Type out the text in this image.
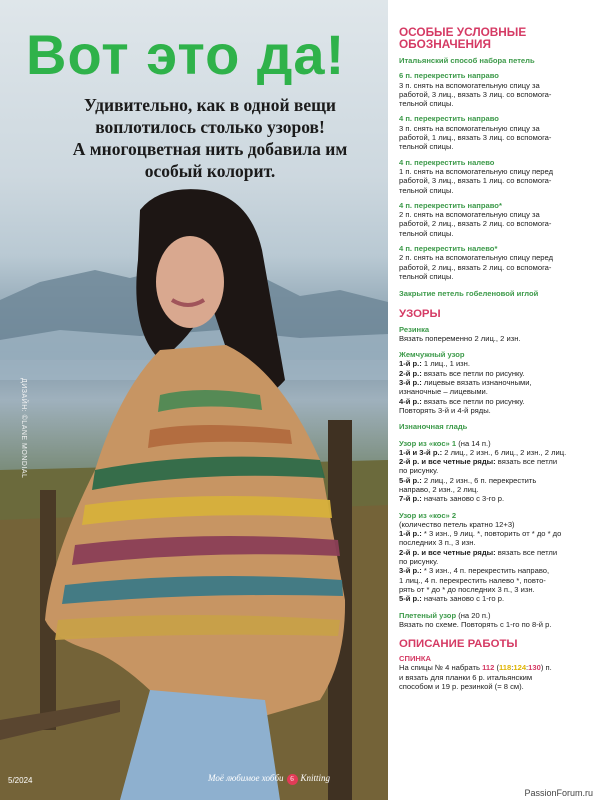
Вот это да!
Удивительно, как в одной вещи
воплотилось столько узоров!
А многоцветная нить добавила им
особый колорит.
ДИЗАЙН: ©LANE MONDIAL
5/2024	Моё любимое хобби 6 Knitting
PassionForum.ru
ОСОБЫЕ УСЛОВНЫЕ
ОБОЗНАЧЕНИЯ
Итальянский способ набора петель
6 п. перекрестить направо

3 п. снять на вспомогательную спицу за

работой, 3 лиц., вязать 3 лиц. со вспомога-

тельной спицы.

4 п. перекрестить направо

3 п. снять на вспомогательную спицу за

работой, 1 лиц., вязать 3 лиц. со вспомога-

тельной спицы.

4 п. перекрестить налево

1 п. снять на вспомогательную спицу перед

работой, 3 лиц., вязать 1 лиц. со вспомога-

тельной спицы.

4 п. перекрестить направо*

2 п. снять на вспомогательную спицу за

работой, 2 лиц., вязать 2 лиц. со вспомога-

тельной спицы.

4 п. перекрестить налево*

2 п. снять на вспомогательную спицу перед

работой, 2 лиц., вязать 2 лиц. со вспомога-

тельной спицы.

Закрытие петель гобеленовой иглой
УЗОРЫ
Резинка

Вязать попеременно 2 лиц., 2 изн.

Жемчужный узор

1-й р.: 1 лиц., 1 изн.

2-й р.: вязать все петли по рисунку.

3-й р.: лицевые вязать изнаночными,

изнаночные – лицевыми.

4-й р.: вязать все петли по рисунку.

Повторять 3-й и 4-й ряды.

Изнаночная гладь
Узор из «кос» 1 (на 14 п.)

1-й и 3-й р.: 2 лиц., 2 изн., 6 лиц., 2 изн., 2 лиц.

2-й р. и все четные ряды: вязать все петли

по рисунку.

5-й р.: 2 лиц., 2 изн., 6 п. перекрестить

направо, 2 изн., 2 лиц.

7-й р.: начать заново с 3-го р.

Узор из «кос» 2

(количество петель кратно 12+3)

1-й р.: * 3 изн., 9 лиц. *, повторить от * до * до

последних 3 п., 3 изн.

2-й р. и все четные ряды: вязать все петли

по рисунку.

3-й р.: * 3 изн., 4 п. перекрестить направо,

1 лиц., 4 п. перекрестить налево *, повто-

рять от * до * до последних 3 п., 3 изн.

5-й р.: начать заново с 1-го р.

Плетеный узор (на 20 п.)

Вязать по схеме. Повторять с 1-го по 8-й р.

ОПИСАНИЕ РАБОТЫ
СПИНКА

На спицы № 4 набрать 112 (118:124:130) п.

и вязать для планки 6 р. итальянским

способом и 19 р. резинкой (= 8 см).
